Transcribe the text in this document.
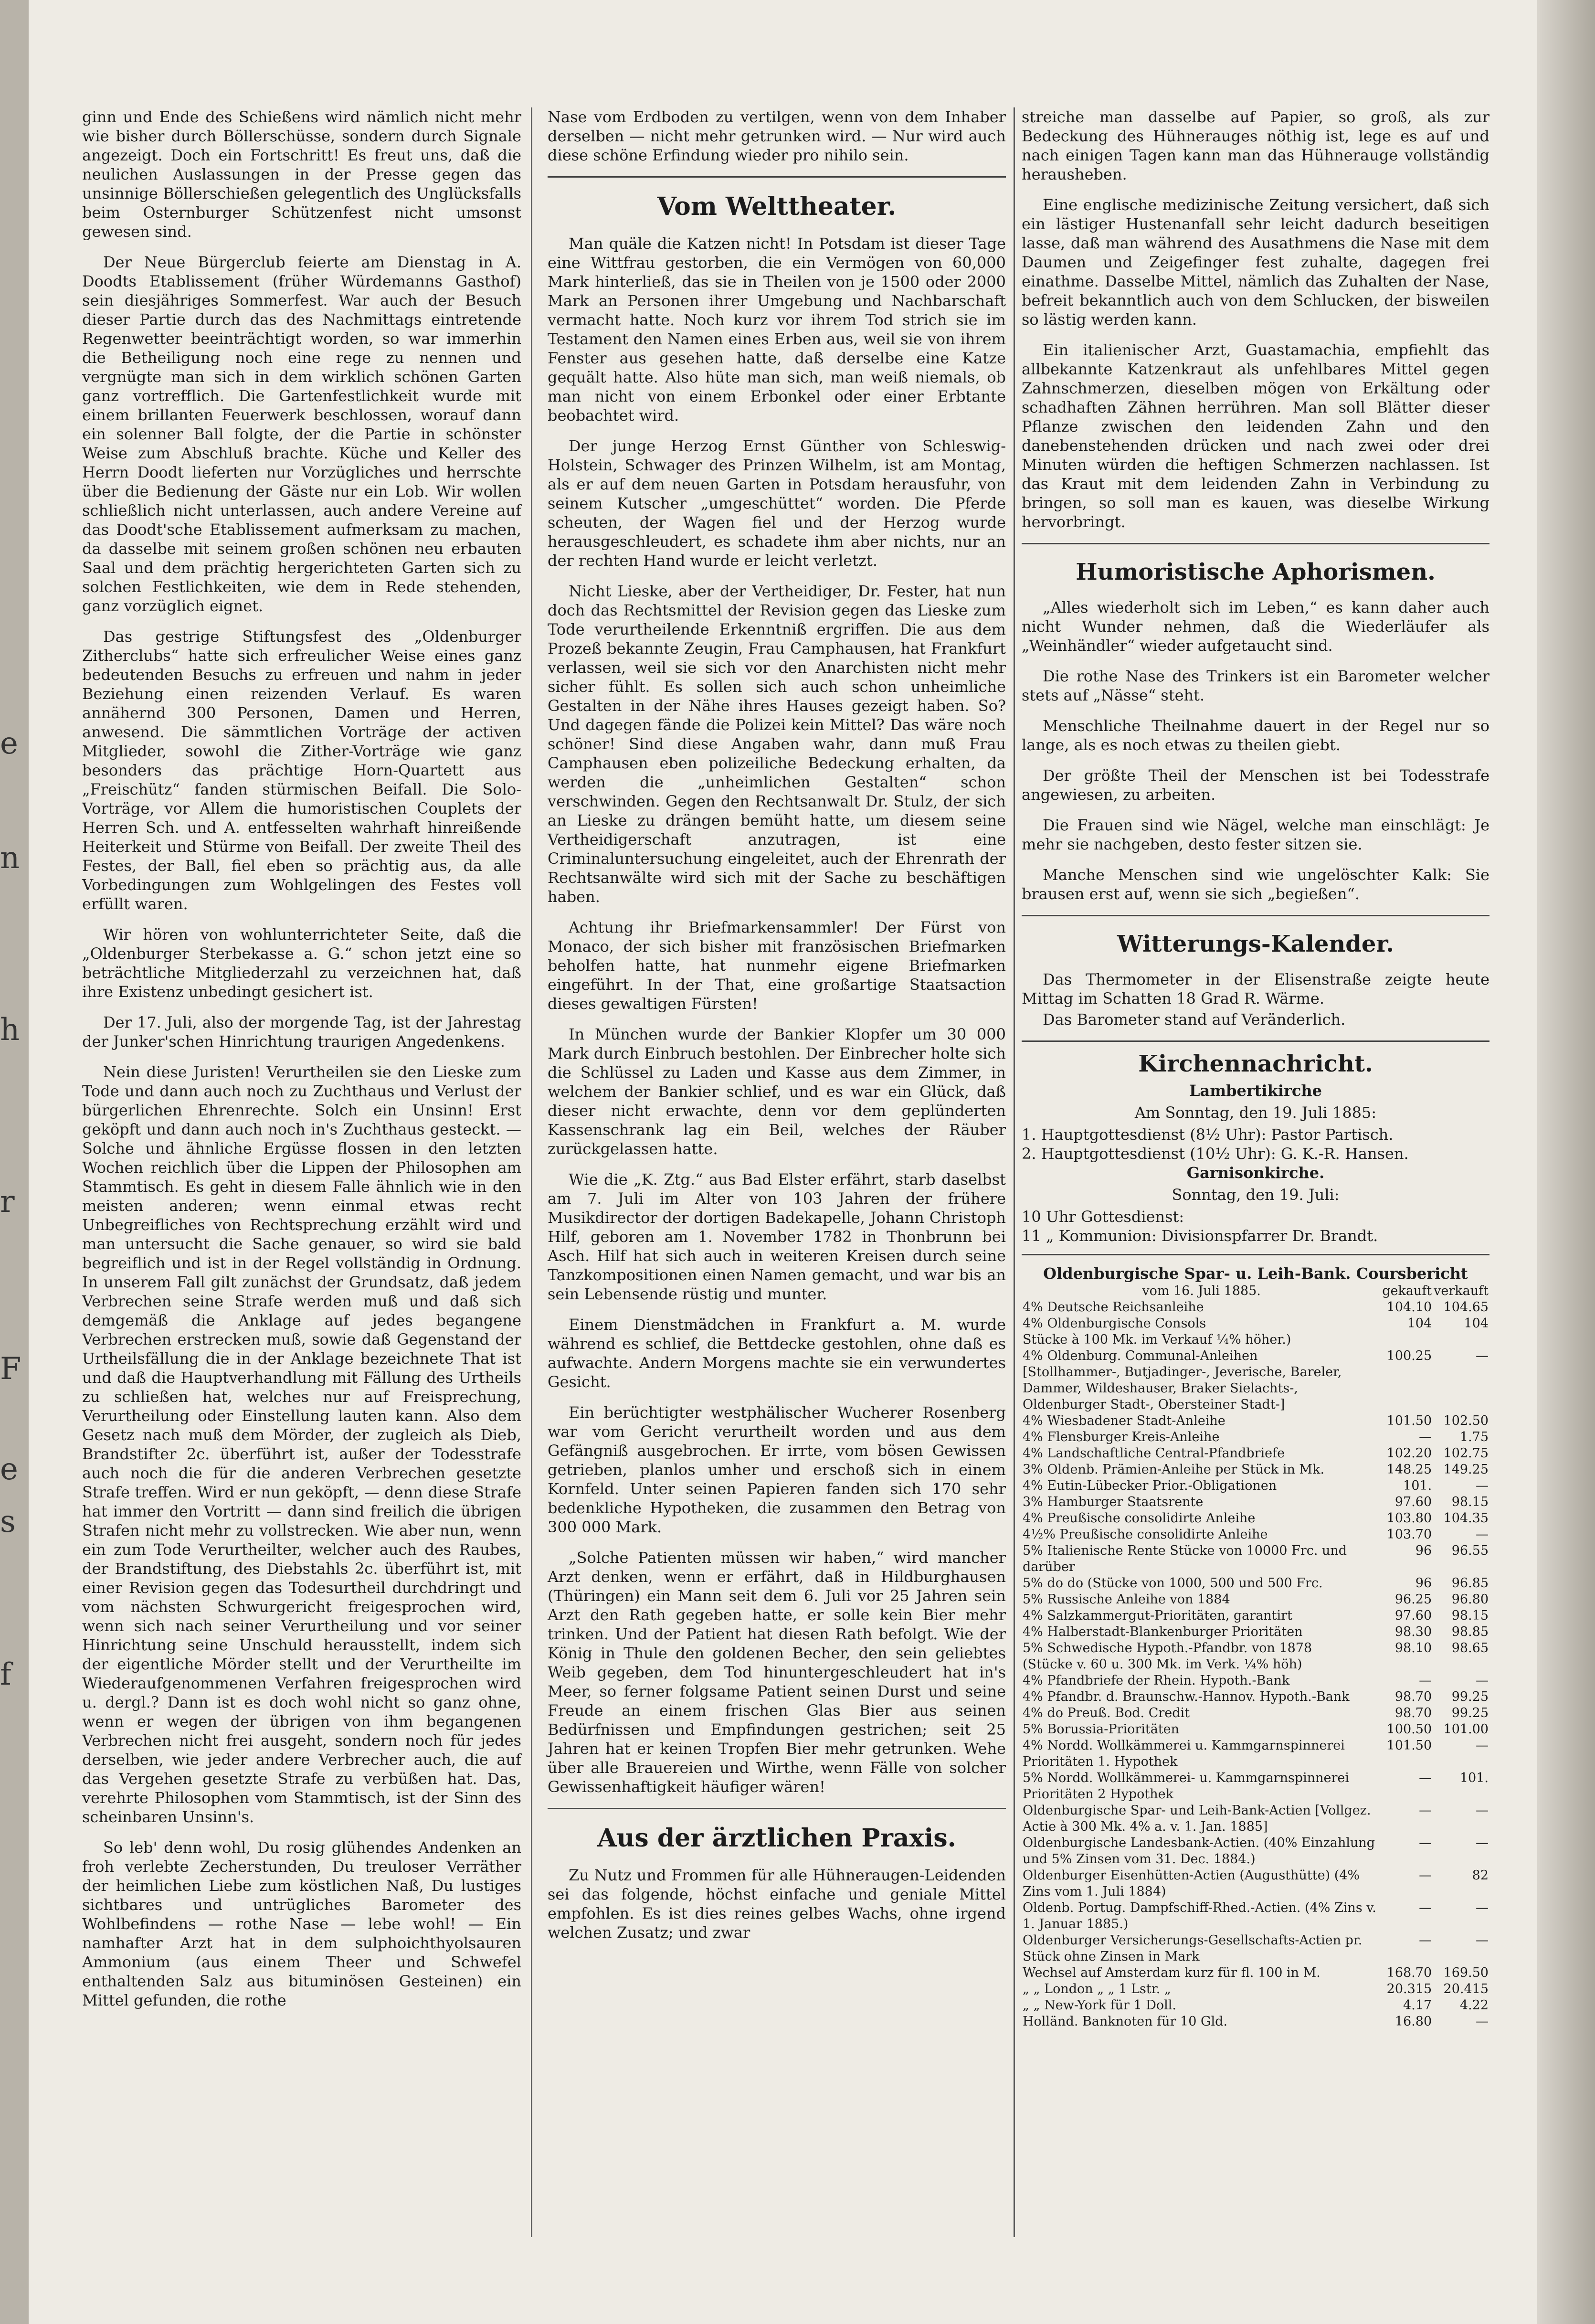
e
n
h
r
F
e
s
f

ginn und Ende des Schießens wird nämlich nicht mehr wie bisher durch Böllerschüsse, sondern durch Signale angezeigt. Doch ein Fortschritt! Es freut uns, daß die neulichen Auslassungen in der Presse gegen das unsinnige Böllerschießen gelegentlich des Unglücksfalls beim Osternburger Schützenfest nicht umsonst gewesen sind.

Der Neue Bürgerclub feierte am Dienstag in A. Doodts Etablissement (früher Würdemanns Gasthof) sein diesjähriges Sommerfest. War auch der Besuch dieser Partie durch das des Nachmittags eintretende Regenwetter beeinträchtigt worden, so war immerhin die Betheiligung noch eine rege zu nennen und vergnügte man sich in dem wirklich schönen Garten ganz vortrefflich. Die Gartenfestlichkeit wurde mit einem brillanten Feuerwerk beschlossen, worauf dann ein solenner Ball folgte, der die Partie in schönster Weise zum Abschluß brachte. Küche und Keller des Herrn Doodt lieferten nur Vorzügliches und herrschte über die Bedienung der Gäste nur ein Lob. Wir wollen schließlich nicht unterlassen, auch andere Vereine auf das Doodt'sche Etablissement aufmerksam zu machen, da dasselbe mit seinem großen schönen neu erbauten Saal und dem prächtig hergerichteten Garten sich zu solchen Festlichkeiten, wie dem in Rede stehenden, ganz vorzüglich eignet.

Das gestrige Stiftungsfest des „Oldenburger Zitherclubs“ hatte sich erfreulicher Weise eines ganz bedeutenden Besuchs zu erfreuen und nahm in jeder Beziehung einen reizenden Verlauf. Es waren annähernd 300 Personen, Damen und Herren, anwesend. Die sämmtlichen Vorträge der activen Mitglieder, sowohl die Zither-Vorträge wie ganz besonders das prächtige Horn-Quartett aus „Freischütz“ fanden stürmischen Beifall. Die Solo-Vorträge, vor Allem die humoristischen Couplets der Herren Sch. und A. entfesselten wahrhaft hinreißende Heiterkeit und Stürme von Beifall. Der zweite Theil des Festes, der Ball, fiel eben so prächtig aus, da alle Vorbedingungen zum Wohlgelingen des Festes voll erfüllt waren.

Wir hören von wohlunterrichteter Seite, daß die „Oldenburger Sterbekasse a. G.“ schon jetzt eine so beträchtliche Mitgliederzahl zu verzeichnen hat, daß ihre Existenz unbedingt gesichert ist.

Der 17. Juli, also der morgende Tag, ist der Jahrestag der Junker'schen Hinrichtung traurigen Angedenkens.

Nein diese Juristen! Verurtheilen sie den Lieske zum Tode und dann auch noch zu Zuchthaus und Verlust der bürgerlichen Ehrenrechte. Solch ein Unsinn! Erst geköpft und dann auch noch in's Zuchthaus gesteckt. — Solche und ähnliche Ergüsse flossen in den letzten Wochen reichlich über die Lippen der Philosophen am Stammtisch. Es geht in diesem Falle ähnlich wie in den meisten anderen; wenn einmal etwas recht Unbegreifliches von Rechtsprechung erzählt wird und man untersucht die Sache genauer, so wird sie bald begreiflich und ist in der Regel vollständig in Ordnung. In unserem Fall gilt zunächst der Grundsatz, daß jedem Verbrechen seine Strafe werden muß und daß sich demgemäß die Anklage auf jedes begangene Verbrechen erstrecken muß, sowie daß Gegenstand der Urtheilsfällung die in der Anklage bezeichnete That ist und daß die Hauptverhandlung mit Fällung des Urtheils zu schließen hat, welches nur auf Freisprechung, Verurtheilung oder Einstellung lauten kann. Also dem Gesetz nach muß dem Mörder, der zugleich als Dieb, Brandstifter 2c. überführt ist, außer der Todesstrafe auch noch die für die anderen Verbrechen gesetzte Strafe treffen. Wird er nun geköpft, — denn diese Strafe hat immer den Vortritt — dann sind freilich die übrigen Strafen nicht mehr zu vollstrecken. Wie aber nun, wenn ein zum Tode Verurtheilter, welcher auch des Raubes, der Brandstiftung, des Diebstahls 2c. überführt ist, mit einer Revision gegen das Todesurtheil durchdringt und vom nächsten Schwurgericht freigesprochen wird, wenn sich nach seiner Verurtheilung und vor seiner Hinrichtung seine Unschuld herausstellt, indem sich der eigentliche Mörder stellt und der Verurtheilte im Wiederaufgenommenen Verfahren freigesprochen wird u. dergl.? Dann ist es doch wohl nicht so ganz ohne, wenn er wegen der übrigen von ihm begangenen Verbrechen nicht frei ausgeht, sondern noch für jedes derselben, wie jeder andere Verbrecher auch, die auf das Vergehen gesetzte Strafe zu verbüßen hat. Das, verehrte Philosophen vom Stammtisch, ist der Sinn des scheinbaren Unsinn's.

So leb' denn wohl, Du rosig glühendes Andenken an froh verlebte Zecherstunden, Du treuloser Verräther der heimlichen Liebe zum köstlichen Naß, Du lustiges sichtbares und untrügliches Barometer des Wohlbefindens — rothe Nase — lebe wohl! — Ein namhafter Arzt hat in dem sulphoichthyolsauren Ammonium (aus einem Theer und Schwefel enthaltenden Salz aus bituminösen Gesteinen) ein Mittel gefunden, die rothe

Nase vom Erdboden zu vertilgen, wenn von dem Inhaber derselben — nicht mehr getrunken wird. — Nur wird auch diese schöne Erfindung wieder pro nihilo sein.

Vom Welttheater.

Man quäle die Katzen nicht! In Potsdam ist dieser Tage eine Wittfrau gestorben, die ein Vermögen von 60,000 Mark hinterließ, das sie in Theilen von je 1500 oder 2000 Mark an Personen ihrer Umgebung und Nachbarschaft vermacht hatte. Noch kurz vor ihrem Tod strich sie im Testament den Namen eines Erben aus, weil sie von ihrem Fenster aus gesehen hatte, daß derselbe eine Katze gequält hatte. Also hüte man sich, man weiß niemals, ob man nicht von einem Erbonkel oder einer Erbtante beobachtet wird.

Der junge Herzog Ernst Günther von Schleswig-Holstein, Schwager des Prinzen Wilhelm, ist am Montag, als er auf dem neuen Garten in Potsdam herausfuhr, von seinem Kutscher „umgeschüttet“ worden. Die Pferde scheuten, der Wagen fiel und der Herzog wurde herausgeschleudert, es schadete ihm aber nichts, nur an der rechten Hand wurde er leicht verletzt.

Nicht Lieske, aber der Vertheidiger, Dr. Fester, hat nun doch das Rechtsmittel der Revision gegen das Lieske zum Tode verurtheilende Erkenntniß ergriffen. Die aus dem Prozeß bekannte Zeugin, Frau Camphausen, hat Frankfurt verlassen, weil sie sich vor den Anarchisten nicht mehr sicher fühlt. Es sollen sich auch schon unheimliche Gestalten in der Nähe ihres Hauses gezeigt haben. So? Und dagegen fände die Polizei kein Mittel? Das wäre noch schöner! Sind diese Angaben wahr, dann muß Frau Camphausen eben polizeiliche Bedeckung erhalten, da werden die „unheimlichen Gestalten“ schon verschwinden. Gegen den Rechtsanwalt Dr. Stulz, der sich an Lieske zu drängen bemüht hatte, um diesem seine Vertheidigerschaft anzutragen, ist eine Criminaluntersuchung eingeleitet, auch der Ehrenrath der Rechtsanwälte wird sich mit der Sache zu beschäftigen haben.

Achtung ihr Briefmarkensammler! Der Fürst von Monaco, der sich bisher mit französischen Briefmarken beholfen hatte, hat nunmehr eigene Briefmarken eingeführt. In der That, eine großartige Staatsaction dieses gewaltigen Fürsten!

In München wurde der Bankier Klopfer um 30 000 Mark durch Einbruch bestohlen. Der Einbrecher holte sich die Schlüssel zu Laden und Kasse aus dem Zimmer, in welchem der Bankier schlief, und es war ein Glück, daß dieser nicht erwachte, denn vor dem geplünderten Kassenschrank lag ein Beil, welches der Räuber zurückgelassen hatte.

Wie die „K. Ztg.“ aus Bad Elster erfährt, starb daselbst am 7. Juli im Alter von 103 Jahren der frühere Musikdirector der dortigen Badekapelle, Johann Christoph Hilf, geboren am 1. November 1782 in Thonbrunn bei Asch. Hilf hat sich auch in weiteren Kreisen durch seine Tanzkompositionen einen Namen gemacht, und war bis an sein Lebensende rüstig und munter.

Einem Dienstmädchen in Frankfurt a. M. wurde während es schlief, die Bettdecke gestohlen, ohne daß es aufwachte. Andern Morgens machte sie ein verwundertes Gesicht.

Ein berüchtigter westphälischer Wucherer Rosenberg war vom Gericht verurtheilt worden und aus dem Gefängniß ausgebrochen. Er irrte, vom bösen Gewissen getrieben, planlos umher und erschoß sich in einem Kornfeld. Unter seinen Papieren fanden sich 170 sehr bedenkliche Hypotheken, die zusammen den Betrag von 300 000 Mark.

„Solche Patienten müssen wir haben,“ wird mancher Arzt denken, wenn er erfährt, daß in Hildburghausen (Thüringen) ein Mann seit dem 6. Juli vor 25 Jahren sein Arzt den Rath gegeben hatte, er solle kein Bier mehr trinken. Und der Patient hat diesen Rath befolgt. Wie der König in Thule den goldenen Becher, den sein geliebtes Weib gegeben, dem Tod hinuntergeschleudert hat in's Meer, so ferner folgsame Patient seinen Durst und seine Freude an einem frischen Glas Bier aus seinen Bedürfnissen und Empfindungen gestrichen; seit 25 Jahren hat er keinen Tropfen Bier mehr getrunken. Wehe über alle Brauereien und Wirthe, wenn Fälle von solcher Gewissenhaftigkeit häufiger wären!

Aus der ärztlichen Praxis.

Zu Nutz und Frommen für alle Hühneraugen-Leidenden sei das folgende, höchst einfache und geniale Mittel empfohlen. Es ist dies reines gelbes Wachs, ohne irgend welchen Zusatz; und zwar

streiche man dasselbe auf Papier, so groß, als zur Bedeckung des Hühnerauges nöthig ist, lege es auf und nach einigen Tagen kann man das Hühnerauge vollständig herausheben.

Eine englische medizinische Zeitung versichert, daß sich ein lästiger Hustenanfall sehr leicht dadurch beseitigen lasse, daß man während des Ausathmens die Nase mit dem Daumen und Zeigefinger fest zuhalte, dagegen frei einathme. Dasselbe Mittel, nämlich das Zuhalten der Nase, befreit bekanntlich auch von dem Schlucken, der bisweilen so lästig werden kann.

Ein italienischer Arzt, Guastamachia, empfiehlt das allbekannte Katzenkraut als unfehlbares Mittel gegen Zahnschmerzen, dieselben mögen von Erkältung oder schadhaften Zähnen herrühren. Man soll Blätter dieser Pflanze zwischen den leidenden Zahn und den danebenstehenden drücken und nach zwei oder drei Minuten würden die heftigen Schmerzen nachlassen. Ist das Kraut mit dem leidenden Zahn in Verbindung zu bringen, so soll man es kauen, was dieselbe Wirkung hervorbringt.

Humoristische Aphorismen.

„Alles wiederholt sich im Leben,“ es kann daher auch nicht Wunder nehmen, daß die Wiederläufer als „Weinhändler“ wieder aufgetaucht sind.

Die rothe Nase des Trinkers ist ein Barometer welcher stets auf „Nässe“ steht.

Menschliche Theilnahme dauert in der Regel nur so lange, als es noch etwas zu theilen giebt.

Der größte Theil der Menschen ist bei Todesstrafe angewiesen, zu arbeiten.

Die Frauen sind wie Nägel, welche man einschlägt: Je mehr sie nachgeben, desto fester sitzen sie.

Manche Menschen sind wie ungelöschter Kalk: Sie brausen erst auf, wenn sie sich „begießen“.

Witterungs-Kalender.

Das Thermometer in der Elisenstraße zeigte heute Mittag im Schatten 18 Grad R. Wärme.

Das Barometer stand auf Veränderlich.

Kirchennachricht.

Lambertikirche

Am Sonntag, den 19. Juli 1885:

1. Hauptgottesdienst (8½ Uhr): Pastor Partisch.

2. Hauptgottesdienst (10½ Uhr): G. K.-R. Hansen.

Garnisonkirche.

Sonntag, den 19. Juli:

10 Uhr Gottesdienst:

11 „ Kommunion: Divisionspfarrer Dr. Brandt.

Oldenburgische Spar- u. Leih-Bank. Coursbericht
vom 16. Juli 1885.	gekauft	verkauft
4% Deutsche Reichsanleihe	104.10	104.65
4% Oldenburgische Consols	104	104
Stücke à 100 Mk. im Verkauf ¼% höher.)		
4% Oldenburg. Communal-Anleihen	100.25	—
[Stollhammer-, Butjadinger-, Jeverische, Bareler, Dammer, Wildeshauser, Braker Sielachts-, Oldenburger Stadt-, Obersteiner Stadt-]		
4% Wiesbadener Stadt-Anleihe	101.50	102.50
4% Flensburger Kreis-Anleihe	—	1.75
4% Landschaftliche Central-Pfandbriefe	102.20	102.75
3% Oldenb. Prämien-Anleihe per Stück in Mk.	148.25	149.25
4% Eutin-Lübecker Prior.-Obligationen	101.	—
3% Hamburger Staatsrente	97.60	98.15
4% Preußische consolidirte Anleihe	103.80	104.35
4½% Preußische consolidirte Anleihe	103.70	—
5% Italienische Rente Stücke von 10000 Frc. und darüber	96	96.55
5% do do (Stücke von 1000, 500 und 500 Frc.	96	96.85
5% Russische Anleihe von 1884	96.25	96.80
4% Salzkammergut-Prioritäten, garantirt	97.60	98.15
4% Halberstadt-Blankenburger Prioritäten	98.30	98.85
5% Schwedische Hypoth.-Pfandbr. von 1878	98.10	98.65
(Stücke v. 60 u. 300 Mk. im Verk. ¼% höh)		
4% Pfandbriefe der Rhein. Hypoth.-Bank	—	—
4% Pfandbr. d. Braunschw.-Hannov. Hypoth.-Bank	98.70	99.25
4% do Preuß. Bod. Credit	98.70	99.25
5% Borussia-Prioritäten	100.50	101.00
4% Nordd. Wollkämmerei u. Kammgarnspinnerei Prioritäten 1. Hypothek	101.50	—
5% Nordd. Wollkämmerei- u. Kammgarnspinnerei Prioritäten 2 Hypothek	—	101.
Oldenburgische Spar- und Leih-Bank-Actien [Vollgez. Actie à 300 Mk. 4% a. v. 1. Jan. 1885]	—	—
Oldenburgische Landesbank-Actien. (40% Einzahlung und 5% Zinsen vom 31. Dec. 1884.)	—	—
Oldenburger Eisenhütten-Actien (Augusthütte) (4% Zins vom 1. Juli 1884)	—	82
Oldenb. Portug. Dampfschiff-Rhed.-Actien. (4% Zins v. 1. Januar 1885.)	—	—
Oldenburger Versicherungs-Gesellschafts-Actien pr. Stück ohne Zinsen in Mark	—	—
Wechsel auf Amsterdam kurz für fl. 100 in M.	168.70	169.50
„ „ London „ „ 1 Lstr. „	20.315	20.415
„ „ New-York für 1 Doll.	4.17	4.22
Holländ. Banknoten für 10 Gld.	16.80	—
